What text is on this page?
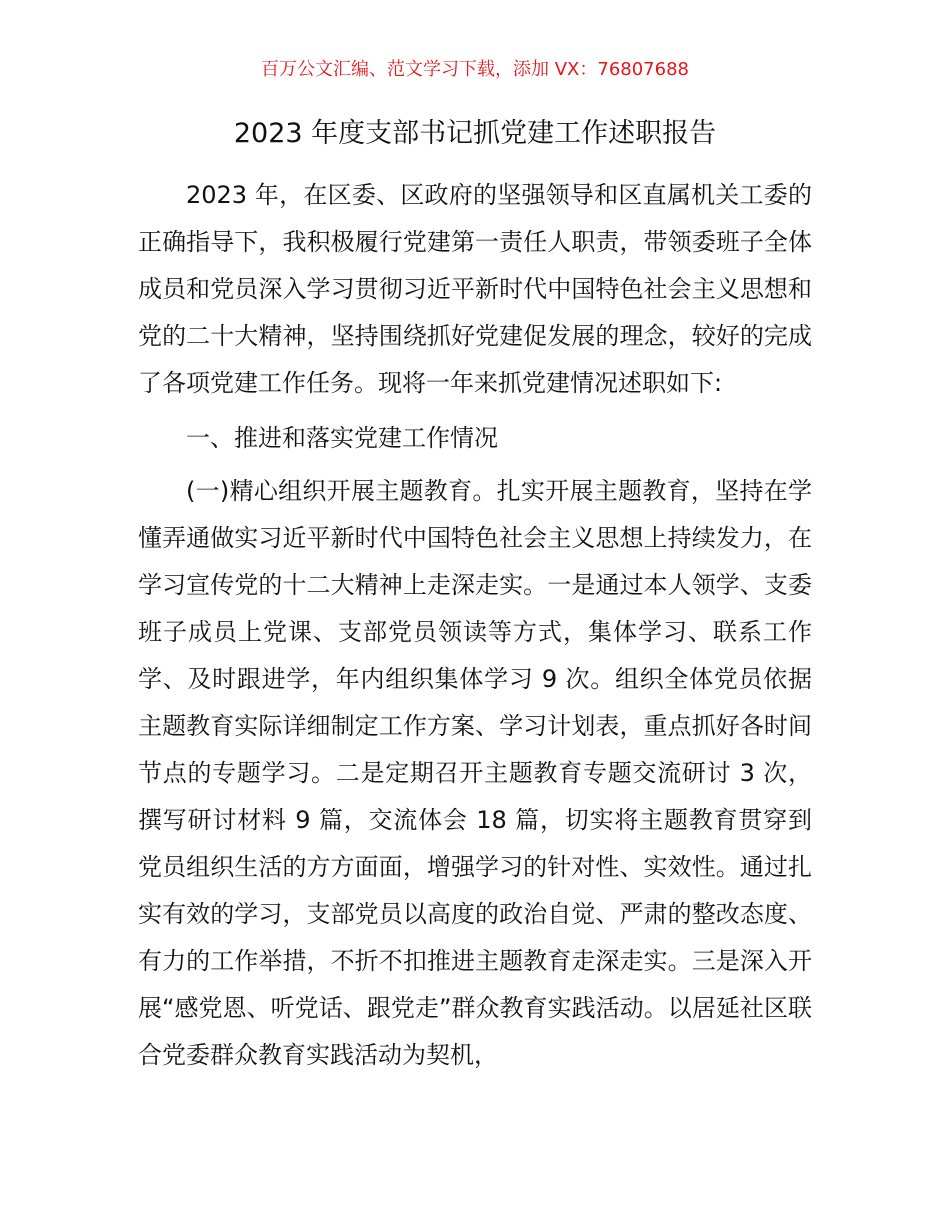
百万公文汇编、范文学习下载，添加 VX：76807688
2023 年度支部书记抓党建工作述职报告

2023 年，在区委、区政府的坚强领导和区直属机关工委的正确指导下，我积极履行党建第一责任人职责，带领委班子全体成员和党员深入学习贯彻习近平新时代中国特色社会主义思想和党的二十大精神，坚持围绕抓好党建促发展的理念，较好的完成了各项党建工作任务。现将一年来抓党建情况述职如下:

一、推进和落实党建工作情况

(一)精心组织开展主题教育。扎实开展主题教育，坚持在学懂弄通做实习近平新时代中国特色社会主义思想上持续发力，在学习宣传党的十二大精神上走深走实。一是通过本人领学、支委班子成员上党课、支部党员领读等方式，集体学习、联系工作学、及时跟进学，年内组织集体学习 9 次。组织全体党员依据主题教育实际详细制定工作方案、学习计划表，重点抓好各时间节点的专题学习。二是定期召开主题教育专题交流研讨 3 次，撰写研讨材料 9 篇，交流体会 18 篇，切实将主题教育贯穿到党员组织生活的方方面面，增强学习的针对性、实效性。通过扎实有效的学习，支部党员以高度的政治自觉、严肃的整改态度、有力的工作举措，不折不扣推进主题教育走深走实。三是深入开展“感党恩、听党话、跟党走”群众教育实践活动。以居延社区联合党委群众教育实践活动为契机，
